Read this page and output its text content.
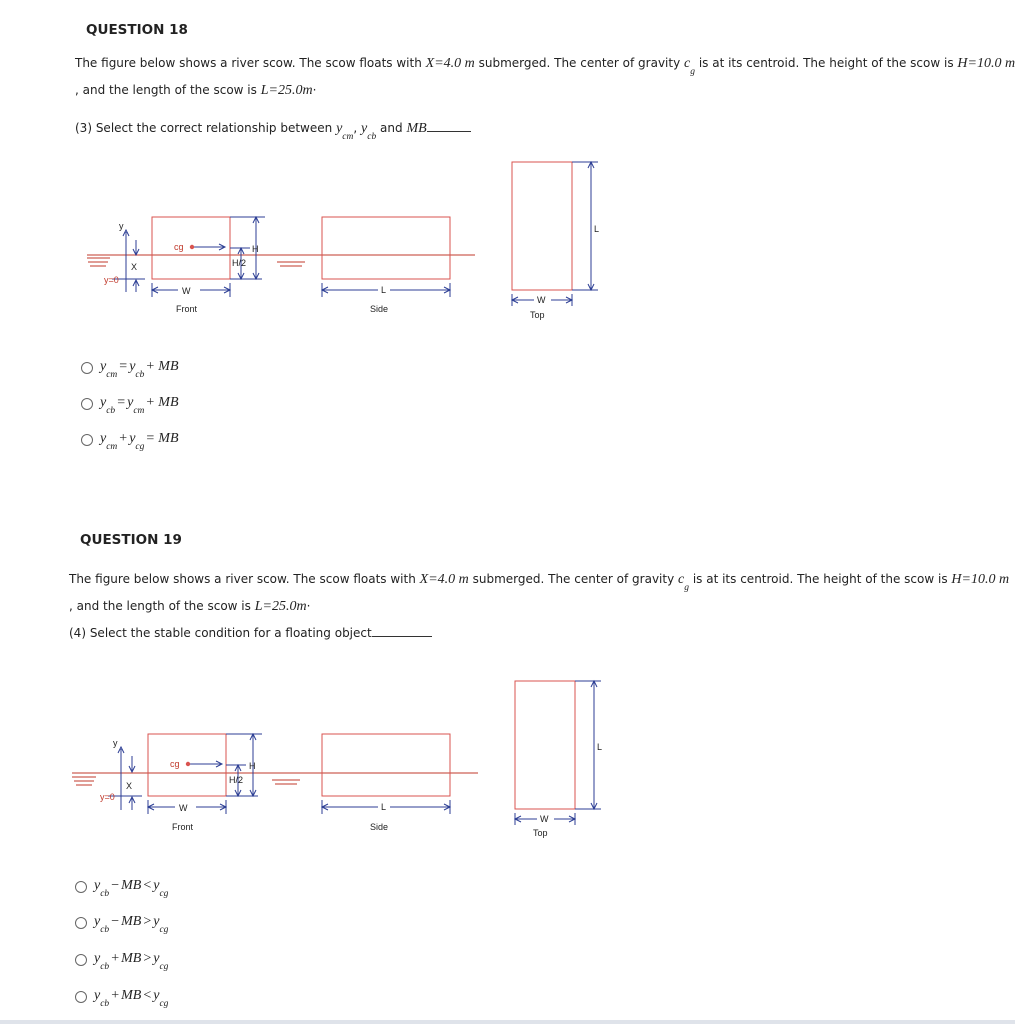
QUESTION 18
The figure below shows a river scow. The scow floats with X=4.0 m submerged. The center of gravity $c_g$ is at its centroid. The height of the scow is H=10.0 m
, and the length of the scow is L=25.0m·
(3) Select the correct relationship between $y_{cm}$, $y_{cb}$ and MB
y
X
y=0
cg
W
H
H/2
L
L
W
Front	Side
Top
$y_{cm}= y_{cb}+$ MB
$y_{cb}= y_{cm}+$ MB
$y_{cm}+ y_{cg}=$ MB
QUESTION 19
The figure below shows a river scow. The scow floats with X=4.0 m submerged. The center of gravity $c_g$ is at its centroid. The height of the scow is H=10.0 m
, and the length of the scow is L=25.0m·
(4) Select the stable condition for a floating object
y
X
y=0
cg
W
H
H/2
L
L
W
Front	Side
Top
$y_{cb}-$ MB < $y_{cg}$
$y_{cb}-$ MB > $y_{cg}$
$y_{cb}+$ MB > $y_{cg}$
$y_{cb}+$ MB < $y_{cg}$
